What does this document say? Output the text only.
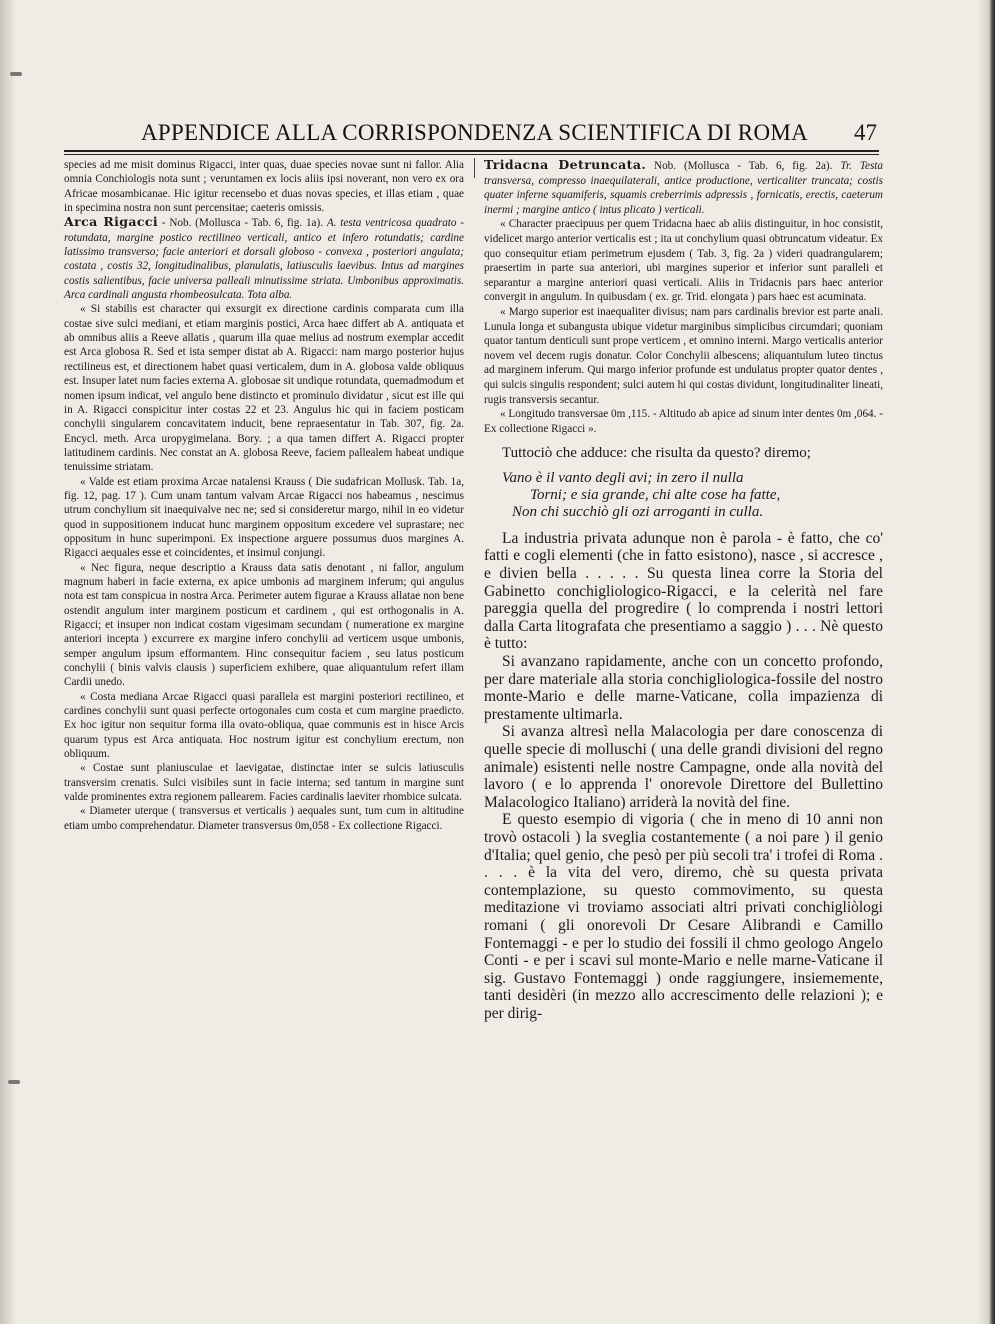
APPENDICE ALLA CORRISPONDENZA SCIENTIFICA DI ROMA	47

species ad me misit dominus Rigacci, inter quas, duae species novae sunt ni fallor. Alia omnia Conchiologis nota sunt ; veruntamen ex locis aliis ipsi noverant, non vero ex ora Africae mosambicanae. Hic igitur recensebo et duas novas species, et illas etiam , quae in specimina nostra non sunt percensitae; caeteris omissis.

Arca Rigacci - Nob. (Mollusca - Tab. 6, fig. 1a). A. testa ventricosa quadrato - rotundata, margine postico rectilineo verticali, antico et infero rotundatis; cardine latissimo transverso; facie anteriori et dorsali globoso - convexa , posteriori angulata; costata , costis 32, longitudinalibus, planulatis, latiusculis laevibus. Intus ad margines costis salientibus, facie universa palleali minutissime striata. Umbonibus approximatis. Arca cardinali angusta rhombeosulcata. Tota alba.

« Si stabilis est character qui exsurgit ex directione cardinis comparata cum illa costae sive sulci mediani, et etiam marginis postici, Arca haec differt ab A. antiquata et ab omnibus aliis a Reeve allatis , quarum illa quae melius ad nostrum exemplar accedit est Arca globosa R. Sed et ista semper distat ab A. Rigacci: nam margo posterior hujus rectilineus est, et directionem habet quasi verticalem, dum in A. globosa valde obliquus est. Insuper latet num facies externa A. globosae sit undique rotundata, quemadmodum et nomen ipsum indicat, vel angulo bene distincto et prominulo dividatur , sicut est ille qui in A. Rigacci conspicitur inter costas 22 et 23. Angulus hic qui in faciem posticam conchylii singularem concavitatem inducit, bene repraesentatur in Tab. 307, fig. 2a. Encycl. meth. Arca uropygimelana. Bory. ; a qua tamen differt A. Rigacci propter latitudinem cardinis. Nec constat an A. globosa Reeve, faciem pallealem habeat undique tenuissime striatam.

« Valde est etiam proxima Arcae natalensi Krauss ( Die sudafrican Mollusk. Tab. 1a, fig. 12, pag. 17 ). Cum unam tantum valvam Arcae Rigacci nos habeamus , nescimus utrum conchylium sit inaequivalve nec ne; sed si consideretur margo, nihil in eo videtur quod in suppositionem inducat hunc marginem oppositum excedere vel suprastare; nec oppositum in hunc superimponi. Ex inspectione arguere possumus duos margines A. Rigacci aequales esse et coincidentes, et insimul conjungi.

« Nec figura, neque descriptio a Krauss data satis denotant , ni fallor, angulum magnum haberi in facie externa, ex apice umbonis ad marginem inferum; qui angulus nota est tam conspicua in nostra Arca. Perimeter autem figurae a Krauss allatae non bene ostendit angulum inter marginem posticum et cardinem , qui est orthogonalis in A. Rigacci; et insuper non indicat costam vigesimam secundam ( numeratione ex margine anteriori incepta ) excurrere ex margine infero conchylii ad verticem usque umbonis, semper angulum ipsum efformantem. Hinc consequitur faciem , seu latus posticum conchylii ( binis valvis clausis ) superficiem exhibere, quae aliquantulum refert illam Cardii unedo.

« Costa mediana Arcae Rigacci quasi parallela est margini posteriori rectilineo, et cardines conchylii sunt quasi perfecte ortogonales cum costa et cum margine praedicto. Ex hoc igitur non sequitur forma illa ovato-obliqua, quae communis est in hisce Arcis quarum typus est Arca antiquata. Hoc nostrum igitur est conchylium erectum, non obliquum.

« Costae sunt planiusculae et laevigatae, distinctae inter se sulcis latiusculis transversim crenatis. Sulci visibiles sunt in facie interna; sed tantum in margine sunt valde prominentes extra regionem pallearem. Facies cardinalis laeviter rhombice sulcata.

« Diameter uterque ( transversus et verticalis ) aequales sunt, tum cum in altitudine etiam umbo comprehendatur. Diameter transversus 0m,058 - Ex collectione Rigacci.

Tridacna Detruncata. Nob. (Mollusca - Tab. 6, fig. 2a). Tr. Testa transversa, compresso inaequilaterali, antice productione, verticaliter truncata; costis quater inferne squamiferis, squamis creberrimis adpressis , fornicatis, erectis, caeterum inermi ; margine antico ( intus plicato ) verticali.

« Character praecipuus per quem Tridacna haec ab aliis distinguitur, in hoc consistit, videlicet margo anterior verticalis est ; ita ut conchylium quasi obtruncatum videatur. Ex quo consequitur etiam perimetrum ejusdem ( Tab. 3, fig. 2a ) videri quadrangularem; praesertim in parte sua anteriori, ubi margines superior et inferior sunt paralleli et separantur a margine anteriori quasi verticali. Aliis in Tridacnis pars haec anterior convergit in angulum. In quibusdam ( ex. gr. Trid. elongata ) pars haec est acuminata.

« Margo superior est inaequaliter divisus; nam pars cardinalis brevior est parte anali. Lunula longa et subangusta ubique videtur marginibus simplicibus circumdari; quoniam quator tantum denticuli sunt prope verticem , et omnino interni. Margo verticalis anterior novem vel decem rugis donatur. Color Conchylii albescens; aliquantulum luteo tinctus ad marginem inferum. Qui margo inferior profunde est undulatus propter quator dentes , qui sulcis singulis respondent; sulci autem hi qui costas dividunt, longitudinaliter lineati, rugis transversis secantur.

« Longitudo transversae 0m ,115. - Altitudo ab apice ad sinum inter dentes 0m ,064. - Ex collectione Rigacci ».

Tuttociò che adduce: che risulta da questo? diremo;

Vano è il vanto degli avi; in zero il nulla
Torni; e sia grande, chi alte cose ha fatte,
Non chi succhiò gli ozi arroganti in culla.

La industria privata adunque non è parola - è fatto, che co' fatti e cogli elementi (che in fatto esistono), nasce , si accresce , e divien bella . . . . . Su questa linea corre la Storia del Gabinetto conchigliologico-Rigacci, e la celerità nel fare pareggia quella del progredire ( lo comprenda i nostri lettori dalla Carta litografata che presentiamo a saggio ) . . . Nè questo è tutto:

Si avanzano rapidamente, anche con un concetto profondo, per dare materiale alla storia conchigliologica-fossile del nostro monte-Mario e delle marne-Vaticane, colla impazienza di prestamente ultimarla.

Si avanza altresì nella Malacologia per dare conoscenza di quelle specie di molluschi ( una delle grandi divisioni del regno animale) esistenti nelle nostre Campagne, onde alla novità del lavoro ( e lo apprenda l' onorevole Direttore del Bullettino Malacologico Italiano) arriderà la novità del fine.

E questo esempio di vigoria ( che in meno di 10 anni non trovò ostacoli ) la sveglia costantemente ( a noi pare ) il genio d'Italia; quel genio, che pesò per più secoli tra' i trofei di Roma . . . . è la vita del vero, diremo, chè su questa privata contemplazione, su questo commovimento, su questa meditazione vi troviamo associati altri privati conchigliòlogi romani ( gli onorevoli Dr Cesare Alibrandi e Camillo Fontemaggi - e per lo studio dei fossili il chmo geologo Angelo Conti - e per i scavi sul monte-Mario e nelle marne-Vaticane il sig. Gustavo Fontemaggi ) onde raggiungere, insiememente, tanti desidèri (in mezzo allo accrescimento delle relazioni ); e per dirig-
